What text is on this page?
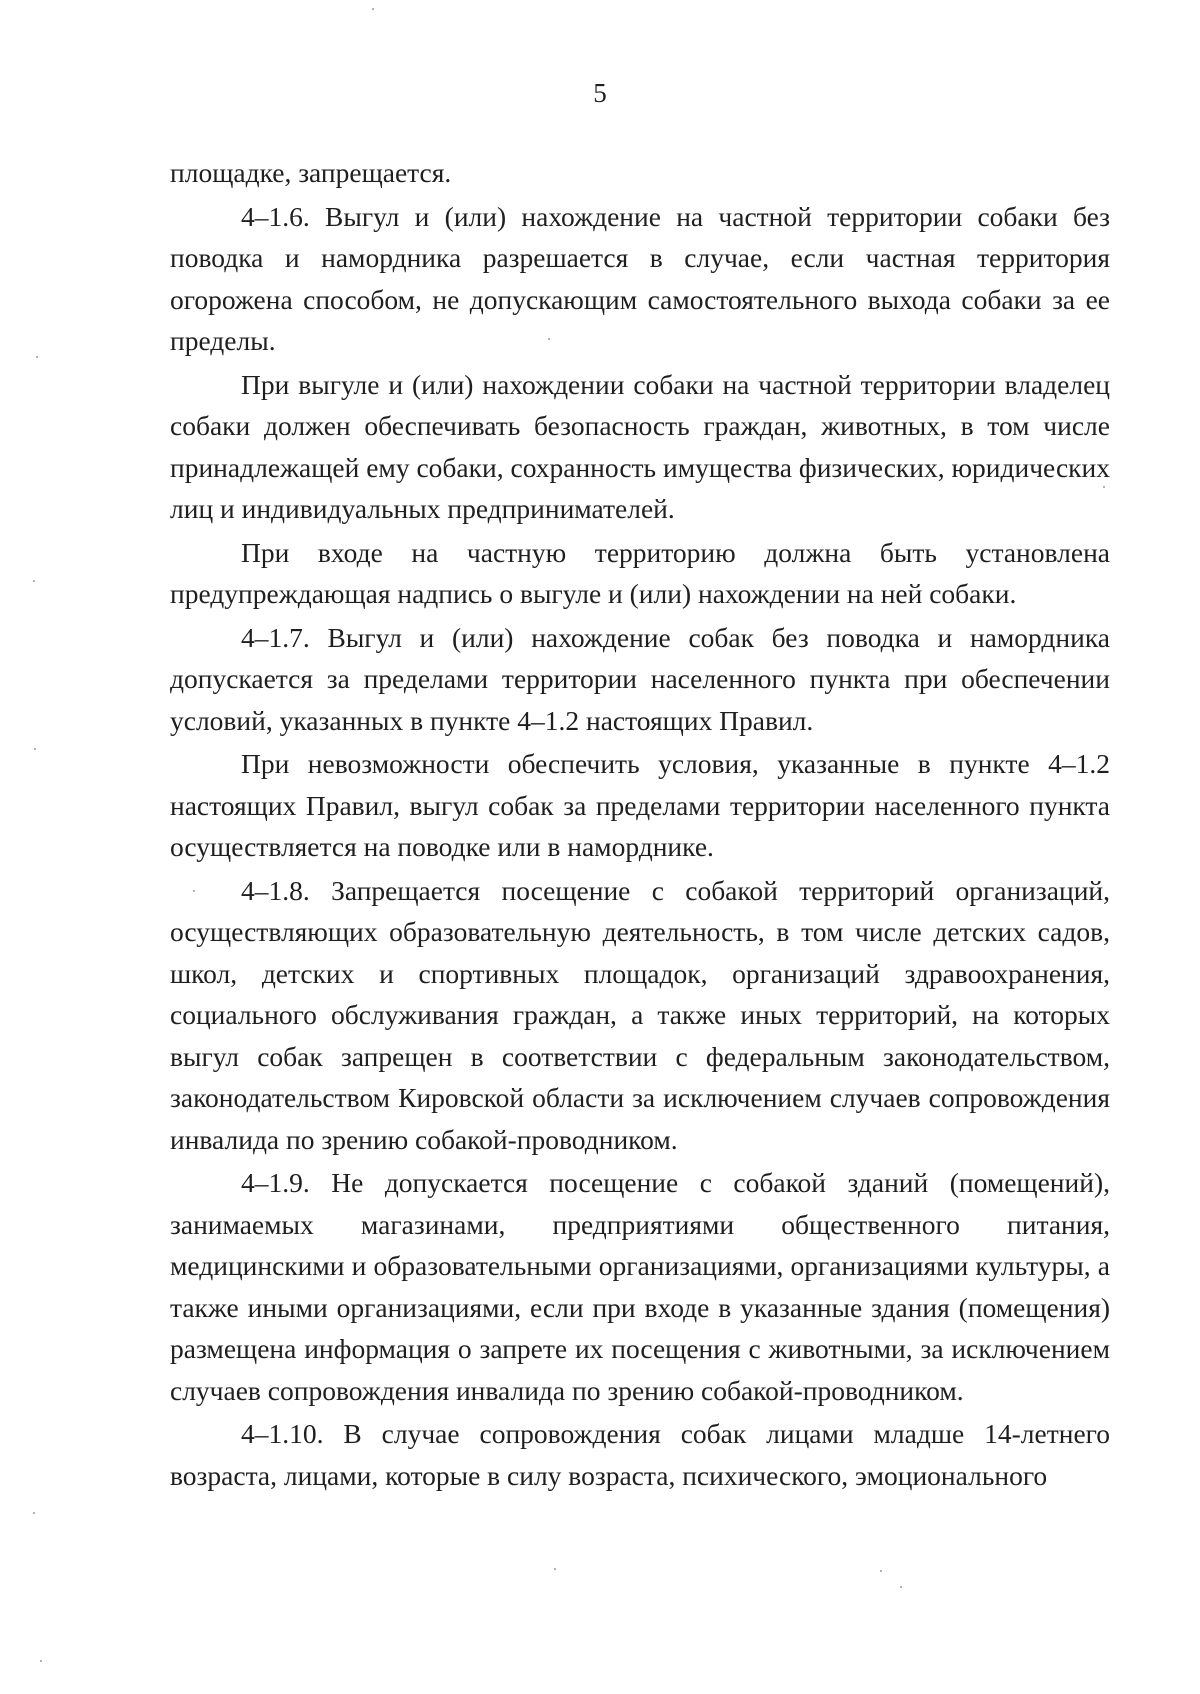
5

площадке, запрещается.

4–1.6. Выгул и (или) нахождение на частной территории собаки без поводка и намордника разрешается в случае, если частная территория огорожена способом, не допускающим самостоятельного выхода собаки за ее пределы.

При выгуле и (или) нахождении собаки на частной территории владелец собаки должен обеспечивать безопасность граждан, животных, в том числе принадлежащей ему собаки, сохранность имущества физических, юридических лиц и индивидуальных предпринимателей.

При входе на частную территорию должна быть установлена предупреждающая надпись о выгуле и (или) нахождении на ней собаки.

4–1.7. Выгул и (или) нахождение собак без поводка и намордника допускается за пределами территории населенного пункта при обеспечении условий, указанных в пункте 4–1.2 настоящих Правил.

При невозможности обеспечить условия, указанные в пункте 4–1.2 настоящих Правил, выгул собак за пределами территории населенного пункта осуществляется на поводке или в наморднике.

4–1.8. Запрещается посещение с собакой территорий организаций, осуществляющих образовательную деятельность, в том числе детских садов, школ, детских и спортивных площадок, организаций здравоохранения, социального обслуживания граждан, а также иных территорий, на которых выгул собак запрещен в соответствии с федеральным законодательством, законодательством Кировской области за исключением случаев сопровождения инвалида по зрению собакой-проводником.

4–1.9. Не допускается посещение с собакой зданий (помещений), занимаемых магазинами, предприятиями общественного питания, медицинскими и образовательными организациями, организациями культуры, а также иными организациями, если при входе в указанные здания (помещения) размещена информация о запрете их посещения с животными, за исключением случаев сопровождения инвалида по зрению собакой-проводником.

4–1.10. В случае сопровождения собак лицами младше 14-летнего возраста, лицами, которые в силу возраста, психического, эмоционального
